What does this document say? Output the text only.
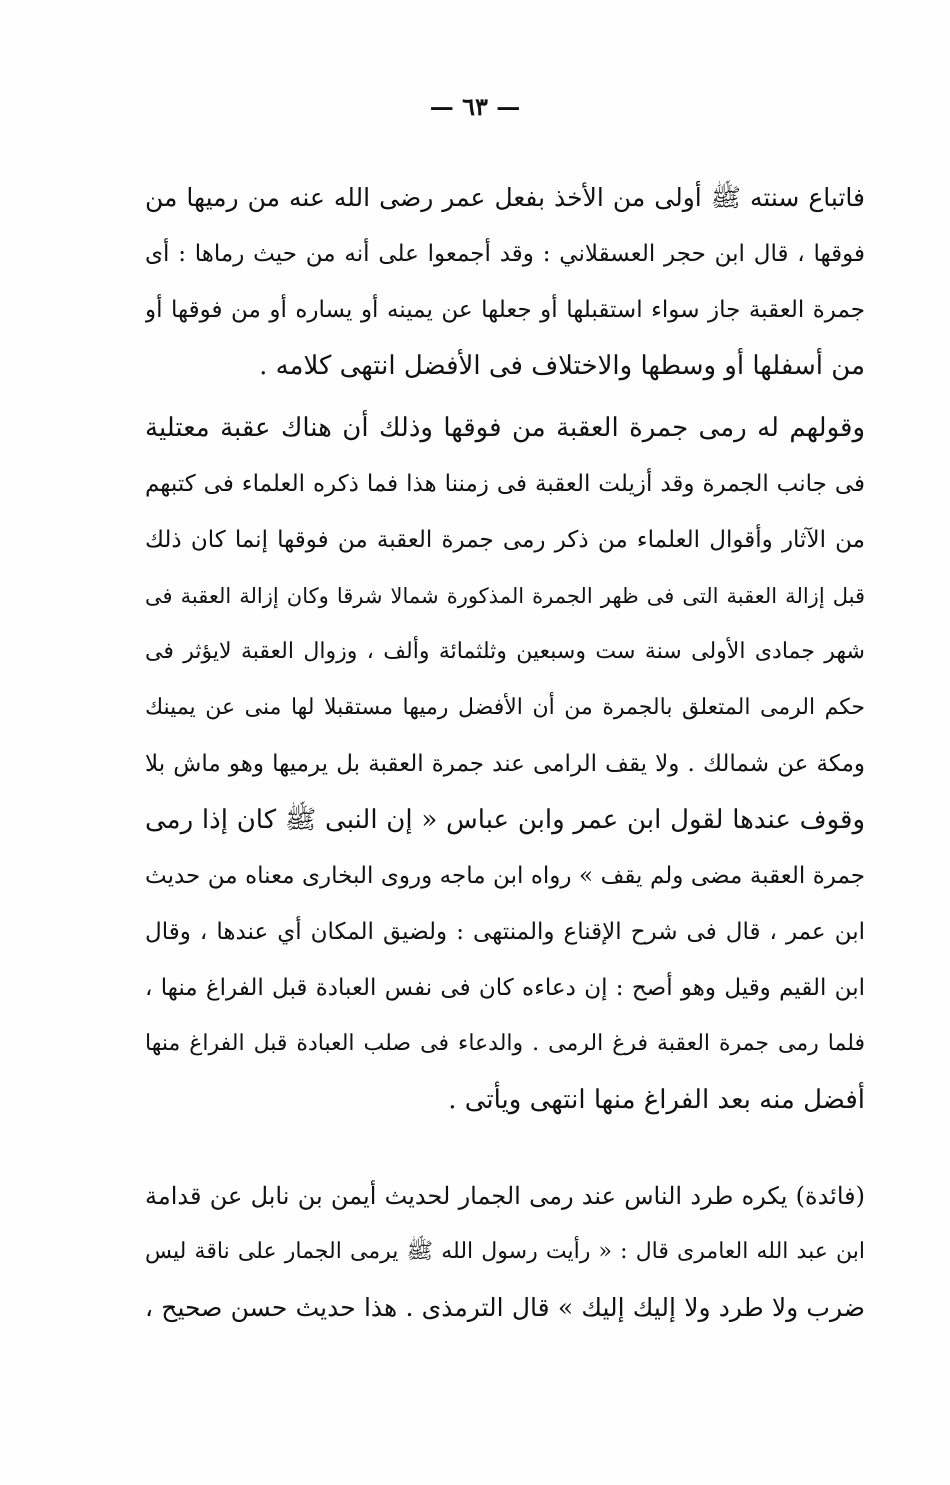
— ٦٣ —
فاتباع سنته ﷺ أولى من الأخذ بفعل عمر رضى الله عنه من رميها من
فوقها ، قال ابن حجر العسقلاني : وقد أجمعوا على أنه من حيث رماها : أى
جمرة العقبة جاز سواء استقبلها أو جعلها عن يمينه أو يساره أو من فوقها أو
من أسفلها أو وسطها والاختلاف فى الأفضل انتهى كلامه .
وقولهم له رمى جمرة العقبة من فوقها وذلك أن هناك عقبة معتلية
فى جانب الجمرة وقد أزيلت العقبة فى زمننا هذا فما ذكره العلماء فى كتبهم
من الآثار وأقوال العلماء من ذكر رمى جمرة العقبة من فوقها إنما كان ذلك
قبل إزالة العقبة التى فى ظهر الجمرة المذكورة شمالا شرقا وكان إزالة العقبة فى
شهر جمادى الأولى سنة ست وسبعين وثلثمائة وألف ، وزوال العقبة لايؤثر فى
حكم الرمى المتعلق بالجمرة من أن الأفضل رميها مستقبلا لها منى عن يمينك
ومكة عن شمالك . ولا يقف الرامى عند جمرة العقبة بل يرميها وهو ماش بلا
وقوف عندها لقول ابن عمر وابن عباس « إن النبى ﷺ كان إذا رمى
جمرة العقبة مضى ولم يقف » رواه ابن ماجه وروى البخارى معناه من حديث
ابن عمر ، قال فى شرح الإقناع والمنتهى : ولضيق المكان أي عندها ، وقال
ابن القيم وقيل وهو أصح : إن دعاءه كان فى نفس العبادة قبل الفراغ منها ،
فلما رمى جمرة العقبة فرغ الرمى . والدعاء فى صلب العبادة قبل الفراغ منها
أفضل منه بعد الفراغ منها انتهى ويأتى .
(فائدة) يكره طرد الناس عند رمى الجمار لحديث أيمن بن نابل عن قدامة
ابن عبد الله العامرى قال : « رأيت رسول الله ﷺ يرمى الجمار على ناقة ليس
ضرب ولا طرد ولا إليك إليك » قال الترمذى . هذا حديث حسن صحيح ،
